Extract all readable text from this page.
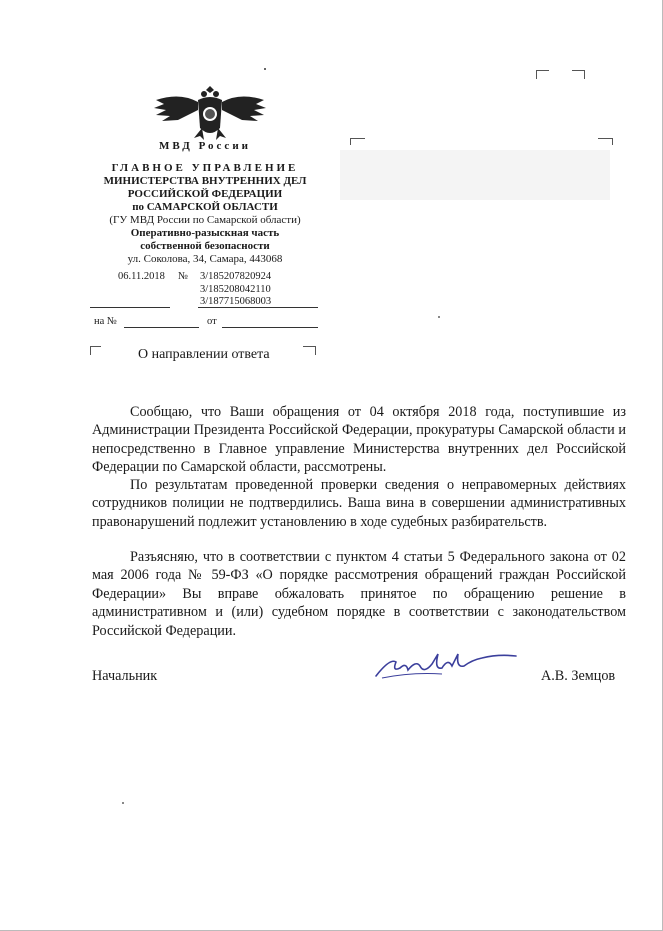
МВД России
ГЛАВНОЕ УПРАВЛЕНИЕ
МИНИСТЕРСТВА ВНУТРЕННИХ ДЕЛ
РОССИЙСКОЙ ФЕДЕРАЦИИ
по САМАРСКОЙ ОБЛАСТИ
(ГУ МВД России по Самарской области)
Оперативно-разыскная часть
собственной безопасности
ул. Соколова, 34, Самара, 443068
06.11.2018 № 3/185207820924
3/185208042110
3/187715068003
на №	от
О направлении ответа
Сообщаю, что Ваши обращения от 04 октября 2018 года, поступившие из Администрации Президента Российской Федерации, прокуратуры Самарской области и непосредственно в Главное управление Министерства внутренних дел Российской Федерации по Самарской области, рассмотрены.
По результатам проведенной проверки сведения о неправомерных действиях сотрудников полиции не подтвердились. Ваша вина в совершении административных правонарушений подлежит установлению в ходе судебных разбирательств.
Разъясняю, что в соответствии с пунктом 4 статьи 5 Федерального закона от 02 мая 2006 года № 59-ФЗ «О порядке рассмотрения обращений граждан Российской Федерации» Вы вправе обжаловать принятое по обращению решение в административном и (или) судебном порядке в соответствии с законодательством Российской Федерации.
Начальник	А.В. Земцов
